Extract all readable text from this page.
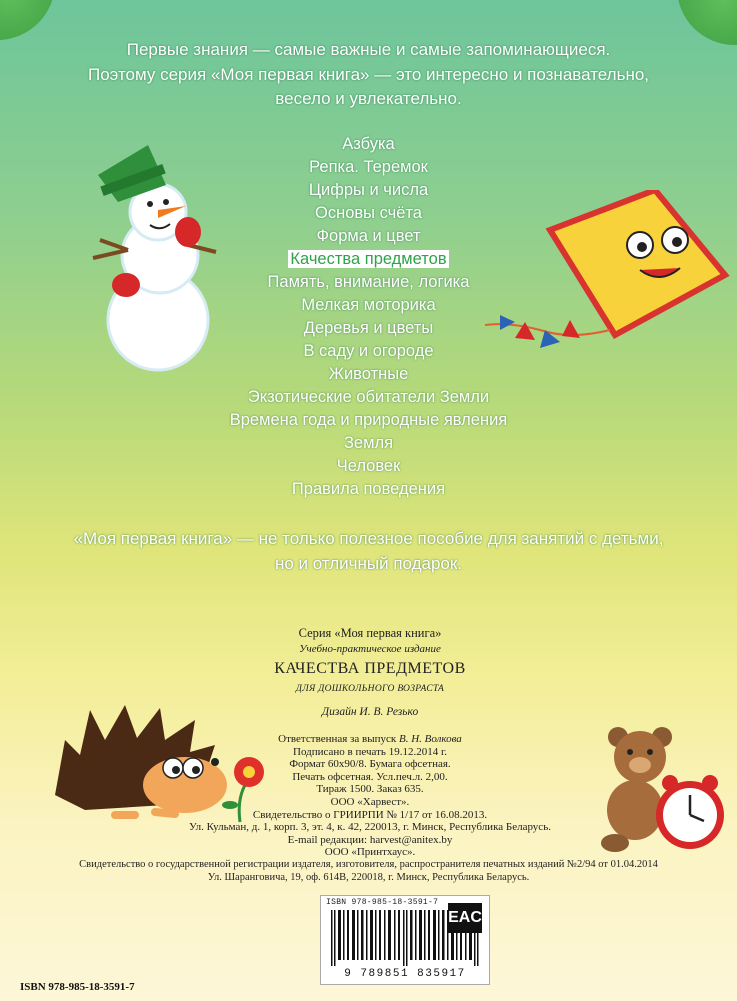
Первые знания — самые важные и самые запоминающиеся.
Поэтому серия «Моя первая книга» — это интересно и познавательно,
весело и увлекательно.
Азбука
Репка. Теремок
Цифры и числа
Основы счёта
Форма и цвет
Качества предметов
Память, внимание, логика
Мелкая моторика
Деревья и цветы
В саду и огороде
Животные
Экзотические обитатели Земли
Времена года и природные явления
Земля
Человек
Правила поведения
«Моя первая книга» — не только полезное пособие для занятий с детьми,
но и отличный подарок.
Серия «Моя первая книга»
Учебно-практическое издание
КАЧЕСТВА ПРЕДМЕТОВ
ДЛЯ ДОШКОЛЬНОГО ВОЗРАСТА
Дизайн И. В. Резько
Ответственная за выпуск В. Н. Волкова
Подписано в печать 19.12.2014 г.
Формат 60х90/8. Бумага офсетная.
Печать офсетная. Усл.печ.л. 2,00.
Тираж 1500. Заказ 635.
ООО «Харвест».
Свидетельство о ГРИИРПИ № 1/17 от 16.08.2013.
Ул. Кульман, д. 1, корп. 3, эт. 4, к. 42, 220013, г. Минск, Республика Беларусь.
E-mail редакции: harvest@anitex.by
ООО «Принтхаус».
Свидетельство о государственной регистрации издателя, изготовителя, распространителя печатных изданий №2/94 от 01.04.2014
Ул. Шаранговича, 19, оф. 614В, 220018, г. Минск, Республика Беларусь.
ISBN 978-985-18-3591-7
9 789851 835917
EAC
ISBN 978-985-18-3591-7
